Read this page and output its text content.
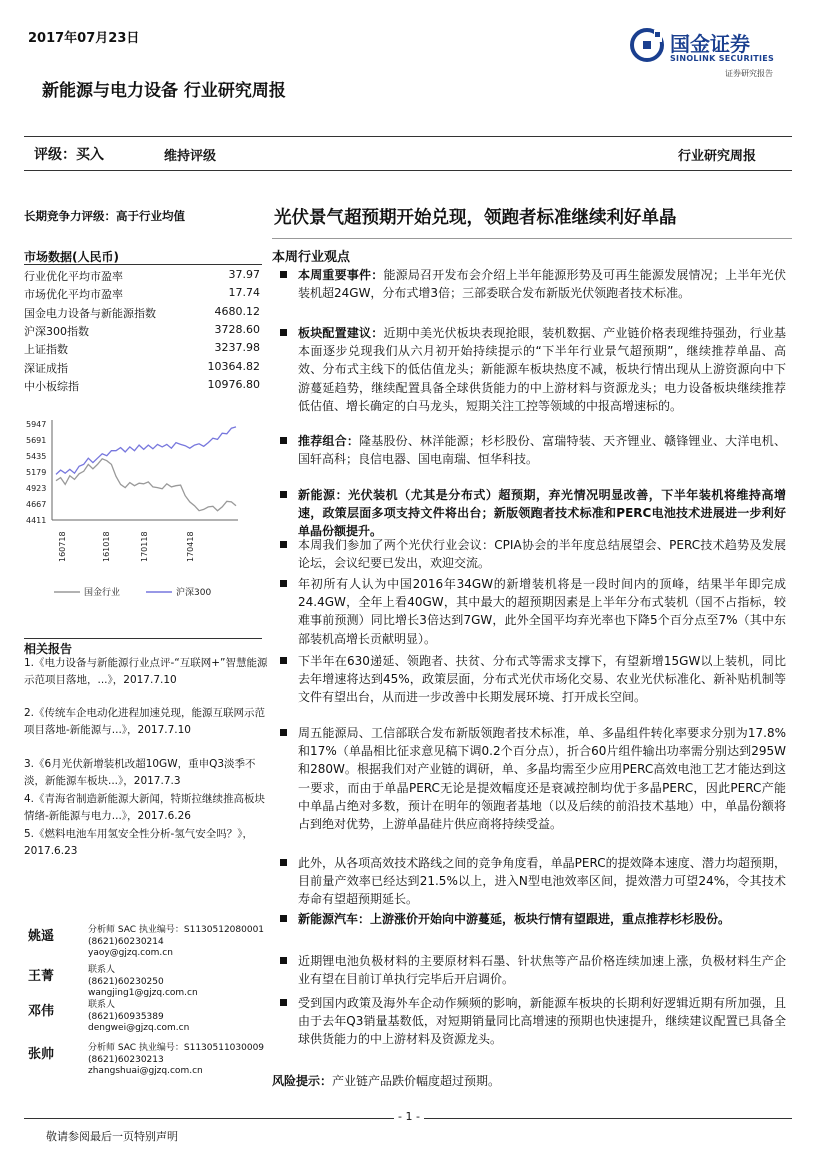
2017年07月23日
新能源与电力设备 行业研究周报
国金证券
SINOLINK SECURITIES
证券研究报告
评级：买入	维持评级	行业研究周报
长期竞争力评级：高于行业均值
市场数据(人民币)
行业优化平均市盈率	37.97
市场优化平均市盈率	17.74
国金电力设备与新能源指数	4680.12
沪深300指数	3728.60
上证指数	3237.98
深证成指	10364.82
中小板综指	10976.80
5947
5691
5435
5179
4923
4667
4411
160718	161018	170118	170418
国金行业	沪深300
相关报告
1.《电力设备与新能源行业点评-“互联网+”智慧能源示范项目落地，...》，2017.7.10
2.《传统车企电动化进程加速兑现，能源互联网示范项目落地-新能源与...》，2017.7.10
3.《6月光伏新增装机改超10GW，重申Q3淡季不淡，新能源车板块...》，2017.7.3
4.《青海省制造新能源大新闻，特斯拉继续推高板块情绪-新能源与电力...》，2017.6.26
5.《燃料电池车用氢安全性分析-氢气安全吗？》，2017.6.23
姚遥	分析师 SAC 执业编号：S1130512080001
(8621)60230214
yaoy@gjzq.com.cn
王菁	联系人
(8621)60230250
wangjing1@gjzq.com.cn
邓伟	联系人
(8621)60935389
dengwei@gjzq.com.cn
张帅	分析师 SAC 执业编号：S1130511030009
(8621)60230213
zhangshuai@gjzq.com.cn
光伏景气超预期开始兑现，领跑者标准继续利好单晶
本周行业观点
本周重要事件：能源局召开发布会介绍上半年能源形势及可再生能源发展情况；上半年光伏装机超24GW，分布式增3倍；三部委联合发布新版光伏领跑者技术标准。
板块配置建议：近期中美光伏板块表现抢眼，装机数据、产业链价格表现维持强劲，行业基本面逐步兑现我们从六月初开始持续提示的“下半年行业景气超预期”，继续推荐单晶、高效、分布式主线下的低估值龙头；新能源车板块热度不减，板块行情出现从上游资源向中下游蔓延趋势，继续配置具备全球供货能力的中上游材料与资源龙头；电力设备板块继续推荐低估值、增长确定的白马龙头，短期关注工控等领域的中报高增速标的。
推荐组合：隆基股份、林洋能源；杉杉股份、富瑞特装、天齐锂业、赣锋锂业、大洋电机、国轩高科；良信电器、国电南瑞、恒华科技。
新能源：光伏装机（尤其是分布式）超预期，弃光情况明显改善，下半年装机将维持高增速，政策层面多项支持文件将出台；新版领跑者技术标准和PERC电池技术进展进一步利好单晶份额提升。
本周我们参加了两个光伏行业会议：CPIA协会的半年度总结展望会、PERC技术趋势及发展论坛，会议纪要已发出，欢迎交流。
年初所有人认为中国2016年34GW的新增装机将是一段时间内的顶峰，结果半年即完成24.4GW，全年上看40GW，其中最大的超预期因素是上半年分布式装机（国不占指标，较难事前预测）同比增长3倍达到7GW，此外全国平均弃光率也下降5个百分点至7%（其中东部装机高增长贡献明显）。
下半年在630递延、领跑者、扶贫、分布式等需求支撑下，有望新增15GW以上装机，同比去年增速将达到45%，政策层面，分布式光伏市场化交易、农业光伏标准化、新补贴机制等文件有望出台，从而进一步改善中长期发展环境、打开成长空间。
周五能源局、工信部联合发布新版领跑者技术标准，单、多晶组件转化率要求分别为17.8%和17%（单晶相比征求意见稿下调0.2个百分点），折合60片组件输出功率需分别达到295W和280W。根据我们对产业链的调研，单、多晶均需至少应用PERC高效电池工艺才能达到这一要求，而由于单晶PERC无论是提效幅度还是衰减控制均优于多晶PERC，因此PERC产能中单晶占绝对多数，预计在明年的领跑者基地（以及后续的前沿技术基地）中，单晶份额将占到绝对优势，上游单晶硅片供应商将持续受益。
此外，从各项高效技术路线之间的竞争角度看，单晶PERC的提效降本速度、潜力均超预期，目前量产效率已经达到21.5%以上，进入N型电池效率区间，提效潜力可望24%，令其技术寿命有望超预期延长。
新能源汽车：上游涨价开始向中游蔓延，板块行情有望跟进，重点推荐杉杉股份。
近期锂电池负极材料的主要原材料石墨、针状焦等产品价格连续加速上涨，负极材料生产企业有望在目前订单执行完毕后开启调价。
受到国内政策及海外车企动作频频的影响，新能源车板块的长期利好逻辑近期有所加强，且由于去年Q3销量基数低，对短期销量同比高增速的预期也快速提升，继续建议配置已具备全球供货能力的中上游材料及资源龙头。
风险提示：产业链产品跌价幅度超过预期。
- 1 -
敬请参阅最后一页特别声明
